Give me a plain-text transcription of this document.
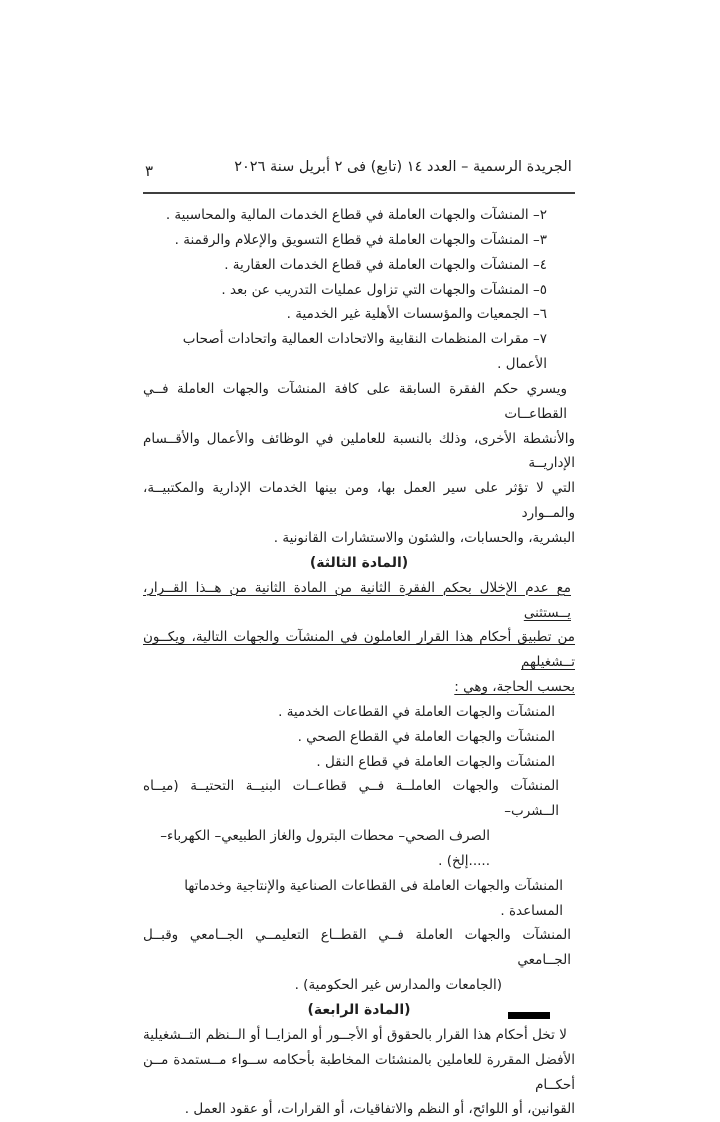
٣	الجريدة الرسمية – العدد ١٤ (تابع) فى ٢ أبريل سنة ٢٠٢٦
٢– المنشآت والجهات العاملة في قطاع الخدمات المالية والمحاسبية .
٣– المنشآت والجهات العاملة في قطاع التسويق والإعلام والرقمنة .
٤– المنشآت والجهات العاملة في قطاع الخدمات العقارية .
٥– المنشآت والجهات التي تزاول عمليات التدريب عن بعد .
٦– الجمعيات والمؤسسات الأهلية غير الخدمية .
٧– مقرات المنظمات النقابية والاتحادات العمالية واتحادات أصحاب الأعمال .
ويسري حكم الفقرة السابقة على كافة المنشآت والجهات العاملة فــي القطاعــات
والأنشطة الأخرى، وذلك بالنسبة للعاملين في الوظائف والأعمال والأقــسام الإداريــة
التي لا تؤثر على سير العمل بها، ومن بينها الخدمات الإدارية والمكتبيــة، والمــوارد
البشرية، والحسابات، والشئون والاستشارات القانونية .
(المادة الثالثة)
مع عدم الإخلال بحكم الفقرة الثانية من المادة الثانية من هــذا القــرار، يــستثنى
من تطبيق أحكام هذا القرار العاملون في المنشآت والجهات التالية، ويكــون تــشغيلهم
بحسب الحاجة، وهي :
المنشآت والجهات العاملة في القطاعات الخدمية .
المنشآت والجهات العاملة في القطاع الصحي .
المنشآت والجهات العاملة في قطاع النقل .
المنشآت والجهات العاملــة فــي قطاعــات البنيــة التحتيــة (ميــاه الــشرب–
الصرف الصحي– محطات البترول والغاز الطبيعي– الكهرباء– .....إلخ) .
المنشآت والجهات العاملة فى القطاعات الصناعية والإنتاجية وخدماتها المساعدة .
المنشآت والجهات العاملة فــي القطــاع التعليمــي الجــامعي وقبــل الجــامعي
(الجامعات والمدارس غير الحكومية) .
(المادة الرابعة)
لا تخل أحكام هذا القرار بالحقوق أو الأجــور أو المزايــا أو الــنظم التــشغيلية
الأفضل المقررة للعاملين بالمنشئات المخاطبة بأحكامه ســواء مــستمدة مــن أحكــام
القوانين، أو اللوائح، أو النظم والاتفاقيات، أو القرارات، أو عقود العمل .
